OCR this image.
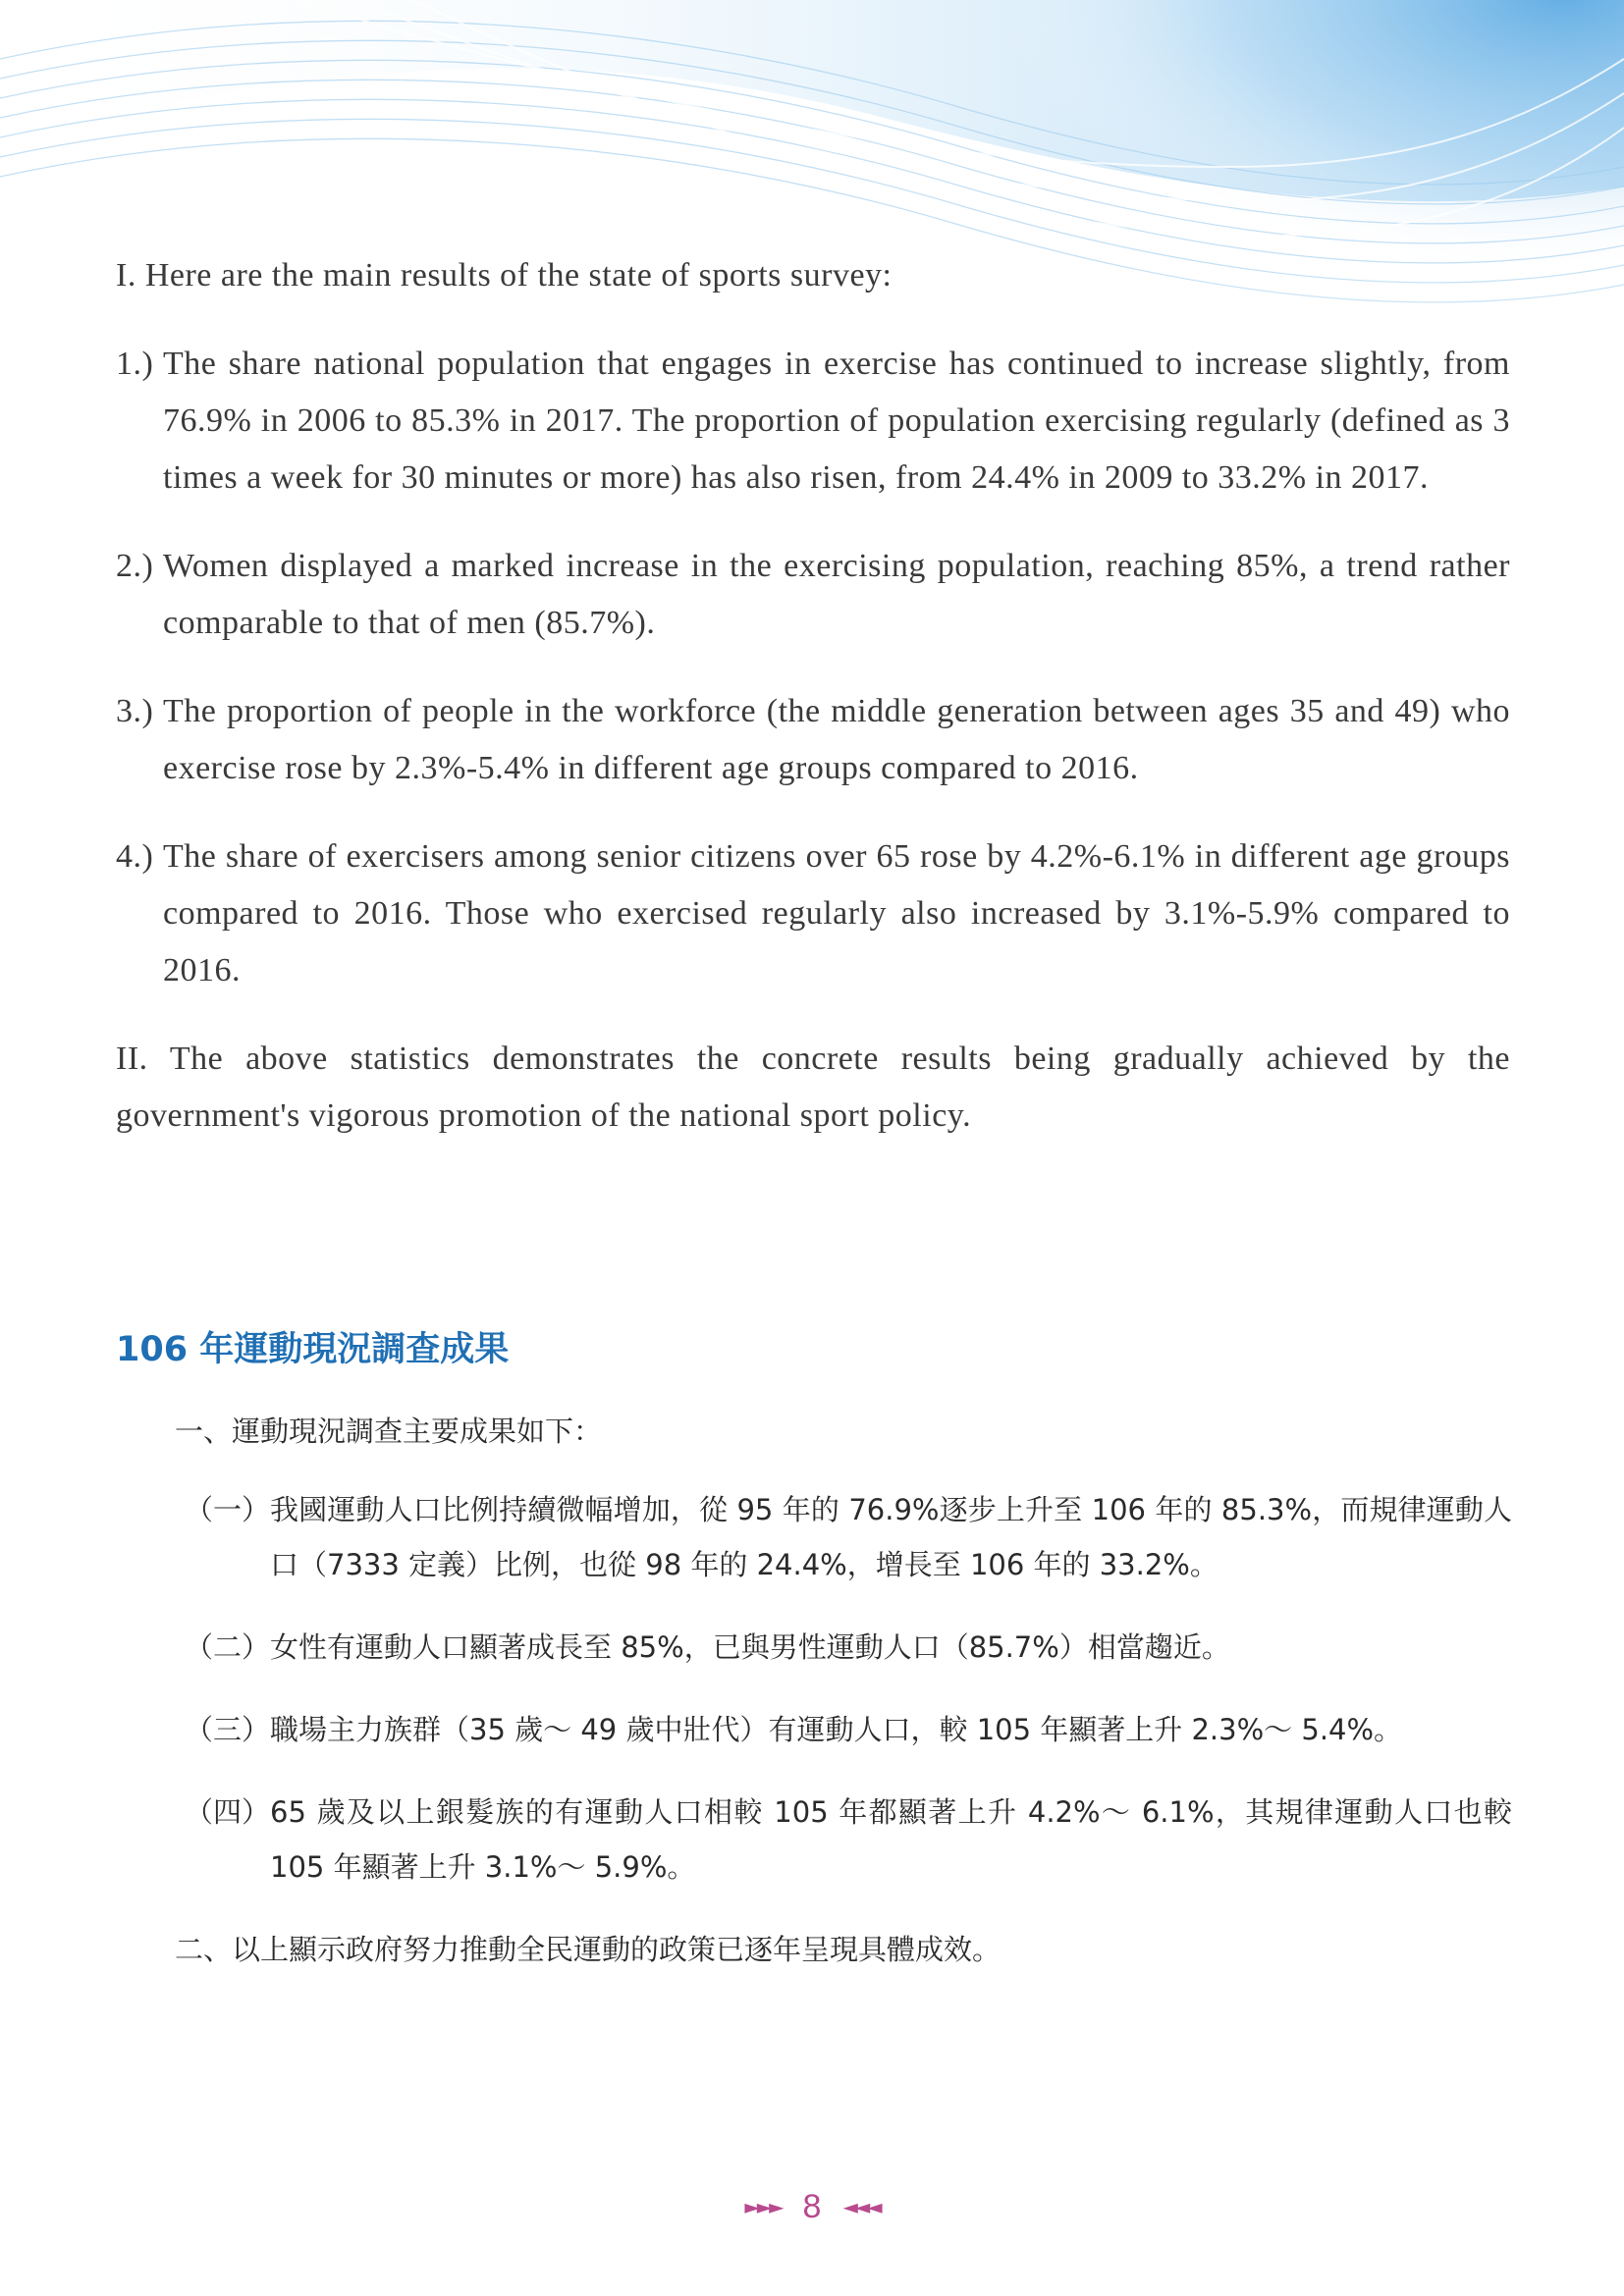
I. Here are the main results of the state of sports survey:

1.) The share national population that engages in exercise has continued to increase slightly, from 76.9% in 2006 to 85.3% in 2017. The proportion of population exercising regularly (defined as 3 times a week for 30 minutes or more) has also risen, from 24.4% in 2009 to 33.2% in 2017.
2.) Women displayed a marked increase in the exercising population, reaching 85%, a trend rather comparable to that of men (85.7%).
3.) The proportion of people in the workforce (the middle generation between ages 35 and 49) who exercise rose by 2.3%-5.4% in different age groups compared to 2016.
4.) The share of exercisers among senior citizens over 65 rose by 4.2%-6.1% in different age groups compared to 2016. Those who exercised regularly also increased by 3.1%-5.9% compared to 2016.

II. The above statistics demonstrates the concrete results being gradually achieved by the government's vigorous promotion of the national sport policy.

106 年運動現況調查成果

一、運動現況調查主要成果如下：

（一） 我國運動人口比例持續微幅增加，從 95 年的 76.9%逐步上升至 106 年的 85.3%，而規律運動人口（7333 定義）比例，也從 98 年的 24.4%，增長至 106 年的 33.2%。
（二） 女性有運動人口顯著成長至 85%，已與男性運動人口（85.7%）相當趨近。
（三） 職場主力族群（35 歲～ 49 歲中壯代）有運動人口，較 105 年顯著上升 2.3%～ 5.4%。
（四） 65 歲及以上銀髮族的有運動人口相較 105 年都顯著上升 4.2%～ 6.1%，其規律運動人口也較 105 年顯著上升 3.1%～ 5.9%。

二、以上顯示政府努力推動全民運動的政策已逐年呈現具體成效。

►►► 8 ◄◄◄
